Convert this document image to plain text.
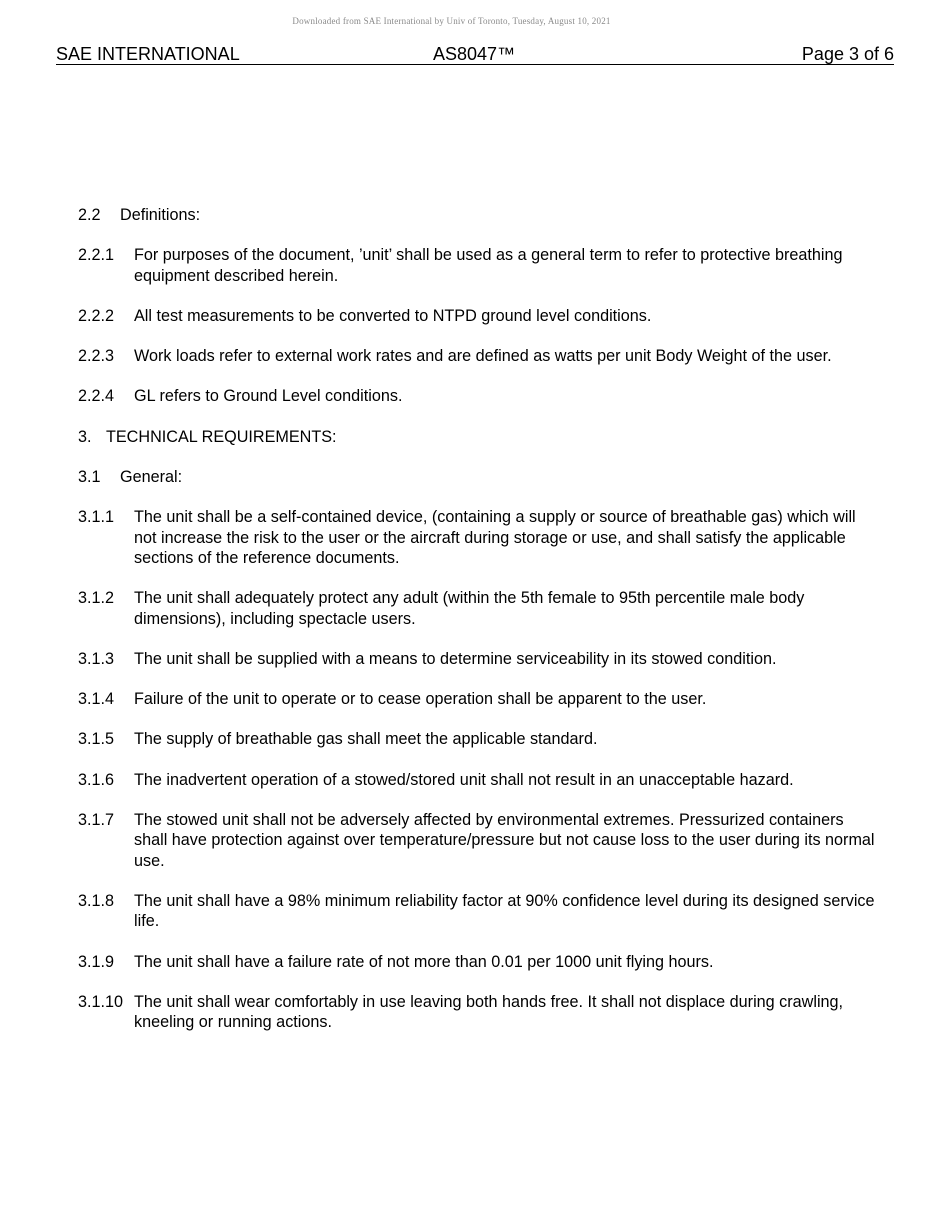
Downloaded from SAE International by Univ of Toronto, Tuesday, August 10, 2021
SAE INTERNATIONAL	AS8047™	Page 3 of 6
2.2	Definitions:
2.2.1	For purposes of the document, ’unit’ shall be used as a general term to refer to protective breathing equipment described herein.
2.2.2	All test measurements to be converted to NTPD ground level conditions.
2.2.3	Work loads refer to external work rates and are defined as watts per unit Body Weight of the user.
2.2.4	GL refers to Ground Level conditions.
3. TECHNICAL REQUIREMENTS:
3.1	General:
3.1.1	The unit shall be a self-contained device, (containing a supply or source of breathable gas) which will not increase the risk to the user or the aircraft during storage or use, and shall satisfy the applicable sections of the reference documents.
3.1.2	The unit shall adequately protect any adult (within the 5th female to 95th percentile male body dimensions), including spectacle users.
3.1.3	The unit shall be supplied with a means to determine serviceability in its stowed condition.
3.1.4	Failure of the unit to operate or to cease operation shall be apparent to the user.
3.1.5	The supply of breathable gas shall meet the applicable standard.
3.1.6	The inadvertent operation of a stowed/stored unit shall not result in an unacceptable hazard.
3.1.7	The stowed unit shall not be adversely affected by environmental extremes. Pressurized containers shall have protection against over temperature/pressure but not cause loss to the user during its normal use.
3.1.8	The unit shall have a 98% minimum reliability factor at 90% confidence level during its designed service life.
3.1.9	The unit shall have a failure rate of not more than 0.01 per 1000 unit flying hours.
3.1.10 The unit shall wear comfortably in use leaving both hands free. It shall not displace during crawling, kneeling or running actions.
